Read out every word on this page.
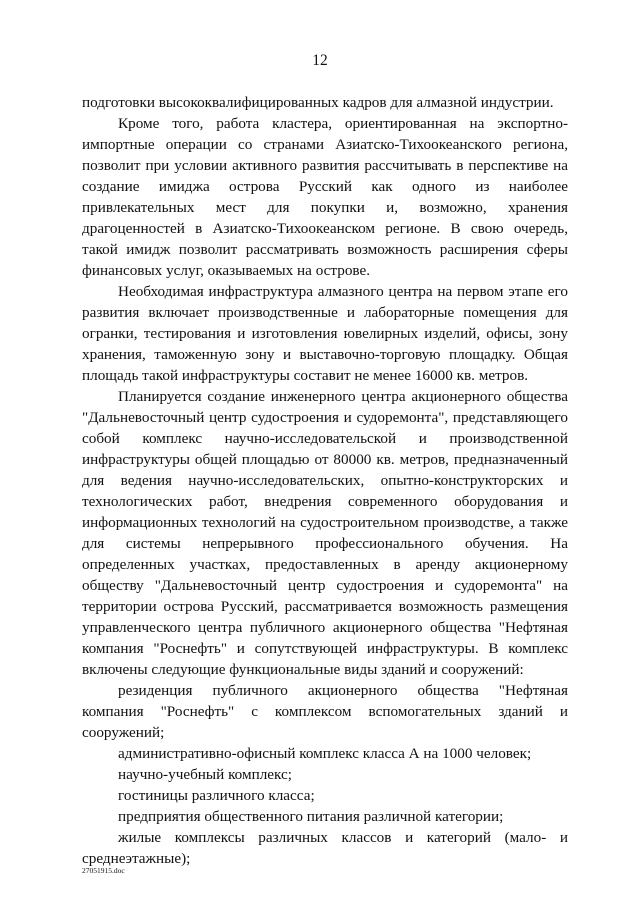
12

подготовки высококвалифицированных кадров для алмазной индустрии.

Кроме того, работа кластера, ориентированная на экспортно-импортные операции со странами Азиатско-Тихоокеанского региона, позволит при условии активного развития рассчитывать в перспективе на создание имиджа острова Русский как одного из наиболее привлекательных мест для покупки и, возможно, хранения драгоценностей в Азиатско-Тихоокеанском регионе. В свою очередь, такой имидж позволит рассматривать возможность расширения сферы финансовых услуг, оказываемых на острове.

Необходимая инфраструктура алмазного центра на первом этапе его развития включает производственные и лабораторные помещения для огранки, тестирования и изготовления ювелирных изделий, офисы, зону хранения, таможенную зону и выставочно-торговую площадку. Общая площадь такой инфраструктуры составит не менее 16000 кв. метров.

Планируется создание инженерного центра акционерного общества "Дальневосточный центр судостроения и судоремонта", представляющего собой комплекс научно-исследовательской и производственной инфраструктуры общей площадью от 80000 кв. метров, предназначенный для ведения научно-исследовательских, опытно-конструкторских и технологических работ, внедрения современного оборудования и информационных технологий на судостроительном производстве, а также для системы непрерывного профессионального обучения. На определенных участках, предоставленных в аренду акционерному обществу "Дальневосточный центр судостроения и судоремонта" на территории острова Русский, рассматривается возможность размещения управленческого центра публичного акционерного общества "Нефтяная компания "Роснефть" и сопутствующей инфраструктуры. В комплекс включены следующие функциональные виды зданий и сооружений:

резиденция публичного акционерного общества "Нефтяная компания "Роснефть" с комплексом вспомогательных зданий и сооружений;

административно-офисный комплекс класса А на 1000 человек;

научно-учебный комплекс;

гостиницы различного класса;

предприятия общественного питания различной категории;

жилые комплексы различных классов и категорий (мало- и среднеэтажные);

27051915.doc
